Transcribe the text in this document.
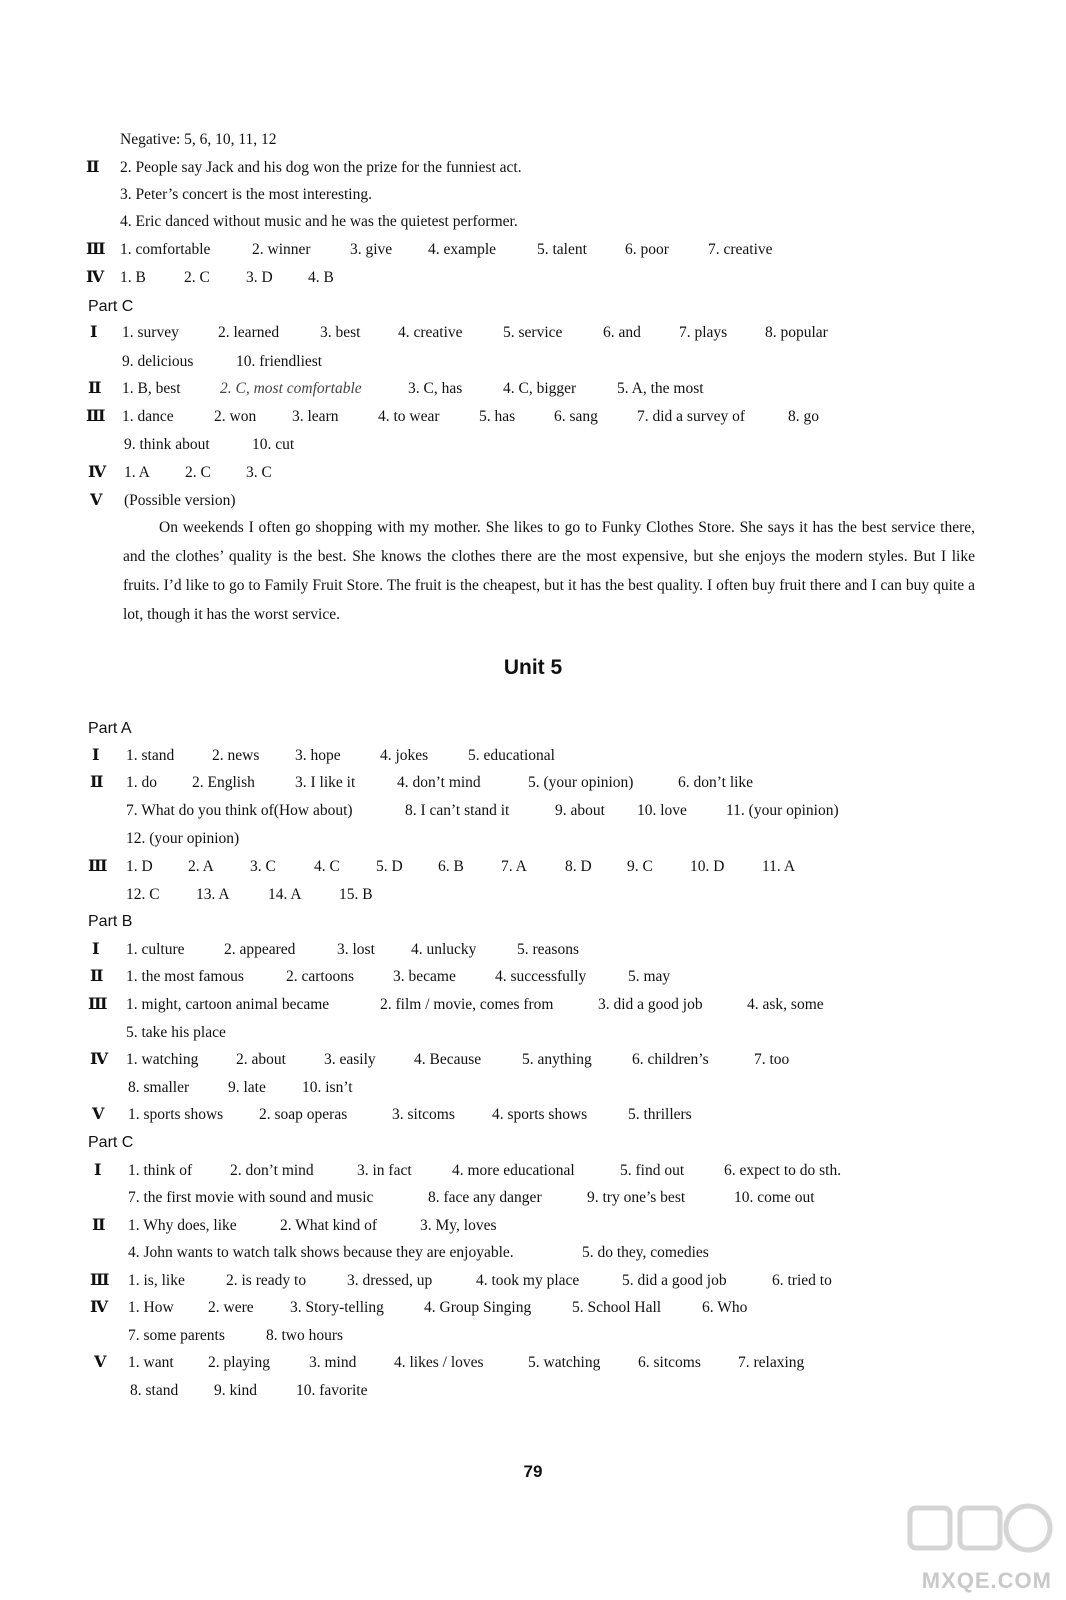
Negative: 5, 6, 10, 11, 12
Ⅱ 2. People say Jack and his dog won the prize for the funniest act.
3. Peter’s concert is the most interesting.
4. Eric danced without music and he was the quietest performer.
Ⅲ 1. comfortable	2. winner	3. give 4. example	5. talent 6. poor	7. creative
Ⅳ 1. B 2. C 3. D 4. B
Part C
Ⅰ 1. survey	2. learned	3. best 4. creative	5. service	6. and 7. plays 8. popular
9. delicious	10. friendliest
Ⅱ 1. B, best	2. C, most comfortable	3. C, has	4. C, bigger	5. A, the most
Ⅲ 1. dance	2. won 3. learn	4. to wear	5. has	6. sang	7. did a survey of	8. go
9. think about	10. cut
Ⅳ 1. A 2. C 3. C
Ⅴ (Possible version)
On weekends I often go shopping with my mother. She likes to go to Funky Clothes Store. She says it has the best service there, and the clothes’ quality is the best. She knows the clothes there are the most expensive, but she enjoys the modern styles. But I like fruits. I’d like to go to Family Fruit Store. The fruit is the cheapest, but it has the best quality. I often buy fruit there and I can buy quite a lot, though it has the worst service.
Unit 5
Part A
Ⅰ 1. stand 2. news 3. hope	4. jokes	5. educational
Ⅱ 1. do 2. English	3. I like it	4. don’t mind	5. (your opinion)	6. don’t like
7. What do you think of(How about)	8. I can’t stand it	9. about 10. love	11. (your opinion)
12. (your opinion)
Ⅲ 1. D 2. A 3. C 4. C 5. D 6. B 7. A 8. D 9. C 10. D 11. A
12. C 13. A 14. A 15. B
Part B
Ⅰ 1. culture	2. appeared	3. lost 4. unlucky	5. reasons
Ⅱ 1. the most famous	2. cartoons	3. became	4. successfully	5. may
Ⅲ 1. might, cartoon animal became	2. film / movie, comes from	3. did a good job	4. ask, some
5. take his place
Ⅳ 1. watching 2. about 3. easily 4. Because	5. anything	6. children’s	7. too
8. smaller	9. late 10. isn’t
Ⅴ 1. sports shows 2. soap operas	3. sitcoms 4. sports shows	5. thrillers
Part C
Ⅰ 1. think of 2. don’t mind	3. in fact	4. more educational	5. find out	6. expect to do sth.
7. the first movie with sound and music	8. face any danger	9. try one’s best	10. come out
Ⅱ 1. Why does, like	2. What kind of	3. My, loves
4. John wants to watch talk shows because they are enjoyable.	5. do they, comedies
Ⅲ 1. is, like	2. is ready to	3. dressed, up	4. took my place	5. did a good job	6. tried to
Ⅳ 1. How 2. were 3. Story-telling	4. Group Singing	5. School Hall	6. Who
7. some parents	8. two hours
Ⅴ 1. want 2. playing	3. mind 4. likes / loves	5. watching 6. sitcoms 7. relaxing
8. stand 9. kind	10. favorite
79
MXQE.COM
